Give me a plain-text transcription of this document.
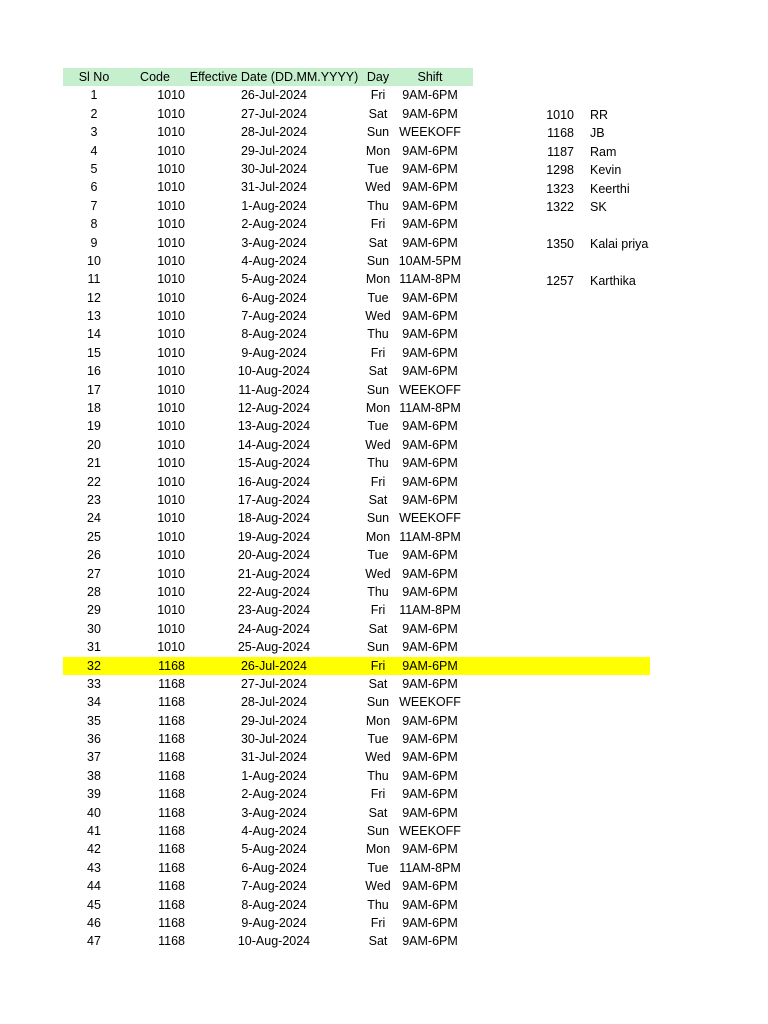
Sl No	Code	Effective Date (DD.MM.YYYY) Day	Shift
1	1010	26-Jul-2024	Fri	9AM-6PM
2	1010	27-Jul-2024	Sat	9AM-6PM
3	1010	28-Jul-2024	Sun WEEKOFF
4	1010	29-Jul-2024	Mon 9AM-6PM
5	1010	30-Jul-2024	Tue	9AM-6PM
6	1010	31-Jul-2024	Wed 9AM-6PM
7	1010	1-Aug-2024	Thu	9AM-6PM
8	1010	2-Aug-2024	Fri	9AM-6PM
9	1010	3-Aug-2024	Sat	9AM-6PM
10	1010	4-Aug-2024	Sun 10AM-5PM
11	1010	5-Aug-2024	Mon 11AM-8PM
12	1010	6-Aug-2024	Tue	9AM-6PM
13	1010	7-Aug-2024	Wed 9AM-6PM
14	1010	8-Aug-2024	Thu	9AM-6PM
15	1010	9-Aug-2024	Fri	9AM-6PM
16	1010	10-Aug-2024	Sat	9AM-6PM
17	1010	11-Aug-2024	Sun WEEKOFF
18	1010	12-Aug-2024	Mon 11AM-8PM
19	1010	13-Aug-2024	Tue	9AM-6PM
20	1010	14-Aug-2024	Wed 9AM-6PM
21	1010	15-Aug-2024	Thu	9AM-6PM
22	1010	16-Aug-2024	Fri	9AM-6PM
23	1010	17-Aug-2024	Sat	9AM-6PM
24	1010	18-Aug-2024	Sun WEEKOFF
25	1010	19-Aug-2024	Mon 11AM-8PM
26	1010	20-Aug-2024	Tue	9AM-6PM
27	1010	21-Aug-2024	Wed 9AM-6PM
28	1010	22-Aug-2024	Thu	9AM-6PM
29	1010	23-Aug-2024	Fri	11AM-8PM
30	1010	24-Aug-2024	Sat	9AM-6PM
31	1010	25-Aug-2024	Sun	9AM-6PM
32	1168	26-Jul-2024	Fri	9AM-6PM
33	1168	27-Jul-2024	Sat	9AM-6PM
34	1168	28-Jul-2024	Sun WEEKOFF
35	1168	29-Jul-2024	Mon 9AM-6PM
36	1168	30-Jul-2024	Tue	9AM-6PM
37	1168	31-Jul-2024	Wed 9AM-6PM
38	1168	1-Aug-2024	Thu	9AM-6PM
39	1168	2-Aug-2024	Fri	9AM-6PM
40	1168	3-Aug-2024	Sat	9AM-6PM
41	1168	4-Aug-2024	Sun WEEKOFF
42	1168	5-Aug-2024	Mon 9AM-6PM
43	1168	6-Aug-2024	Tue 11AM-8PM
44	1168	7-Aug-2024	Wed 9AM-6PM
45	1168	8-Aug-2024	Thu	9AM-6PM
46	1168	9-Aug-2024	Fri	9AM-6PM
47	1168	10-Aug-2024	Sat	9AM-6PM
1010 RR
1168 JB
1187 Ram
1298 Kevin
1323 Keerthi
1322 SK
1350 Kalai priya
1257 Karthika
